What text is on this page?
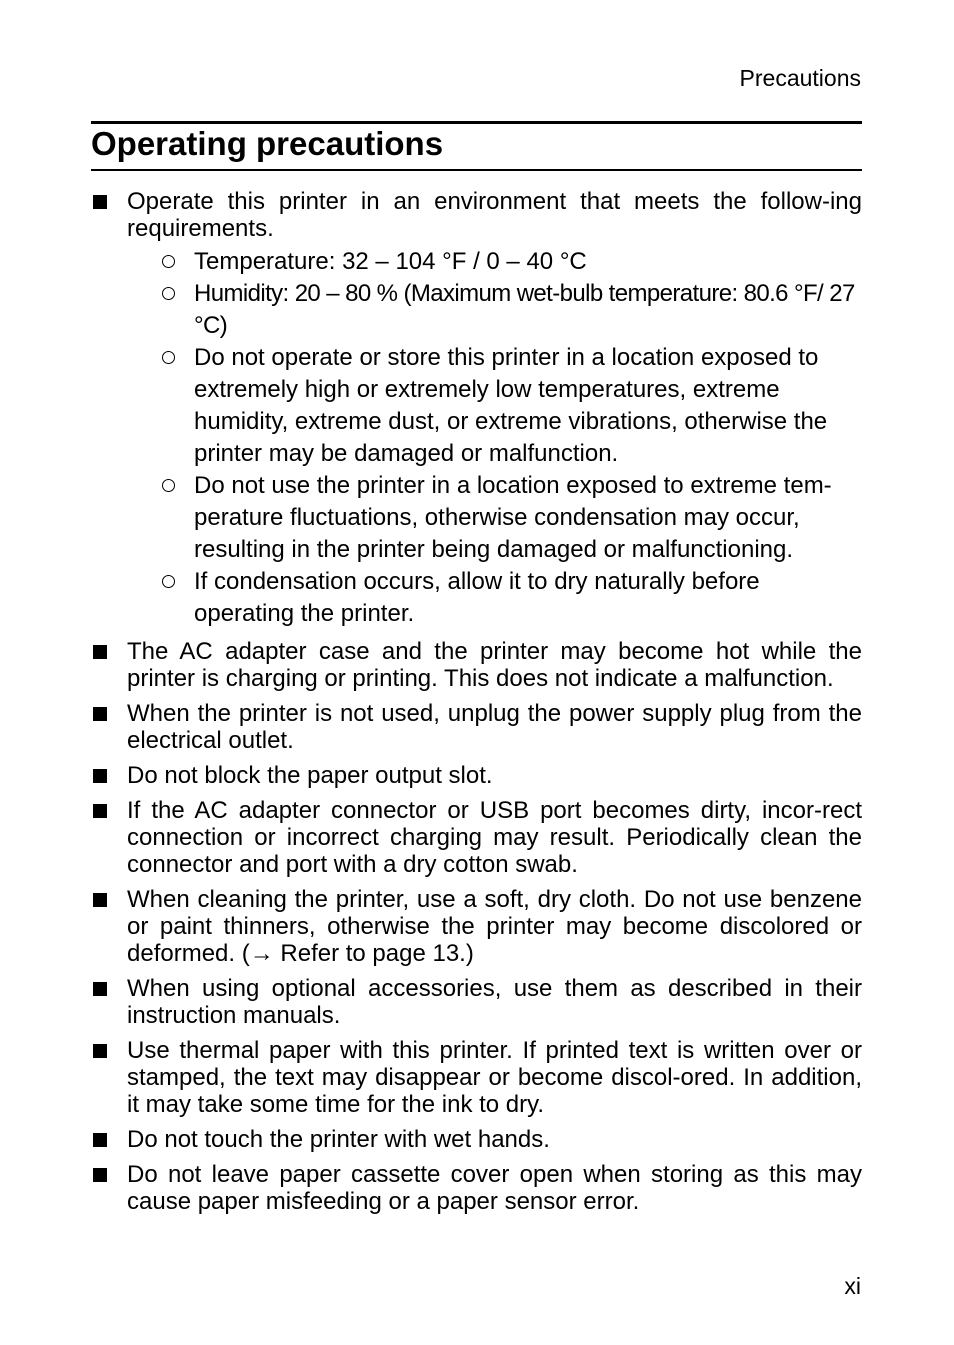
Precautions
Operating precautions
Operate this printer in an environment that meets the follow-ing requirements.
Temperature: 32 – 104 °F / 0 – 40 °C
Humidity: 20 – 80 % (Maximum wet-bulb temperature: 80.6 °F/ 27 °C)
Do not operate or store this printer in a location exposed to extremely high or extremely low temperatures, extreme humidity, extreme dust, or extreme vibrations, otherwise the printer may be damaged or malfunction.
Do not use the printer in a location exposed to extreme tem-perature fluctuations, otherwise condensation may occur, resulting in the printer being damaged or malfunctioning.
If condensation occurs, allow it to dry naturally before operating the printer.
The AC adapter case and the printer may become hot while the printer is charging or printing. This does not indicate a malfunction.
When the printer is not used, unplug the power supply plug from the electrical outlet.
Do not block the paper output slot.
If the AC adapter connector or USB port becomes dirty, incor-rect connection or incorrect charging may result. Periodically clean the connector and port with a dry cotton swab.
When cleaning the printer, use a soft, dry cloth. Do not use benzene or paint thinners, otherwise the printer may become discolored or deformed. (→ Refer to page 13.)
When using optional accessories, use them as described in their instruction manuals.
Use thermal paper with this printer. If printed text is written over or stamped, the text may disappear or become discol-ored. In addition, it may take some time for the ink to dry.
Do not touch the printer with wet hands.
Do not leave paper cassette cover open when storing as this may cause paper misfeeding or a paper sensor error.
xi
